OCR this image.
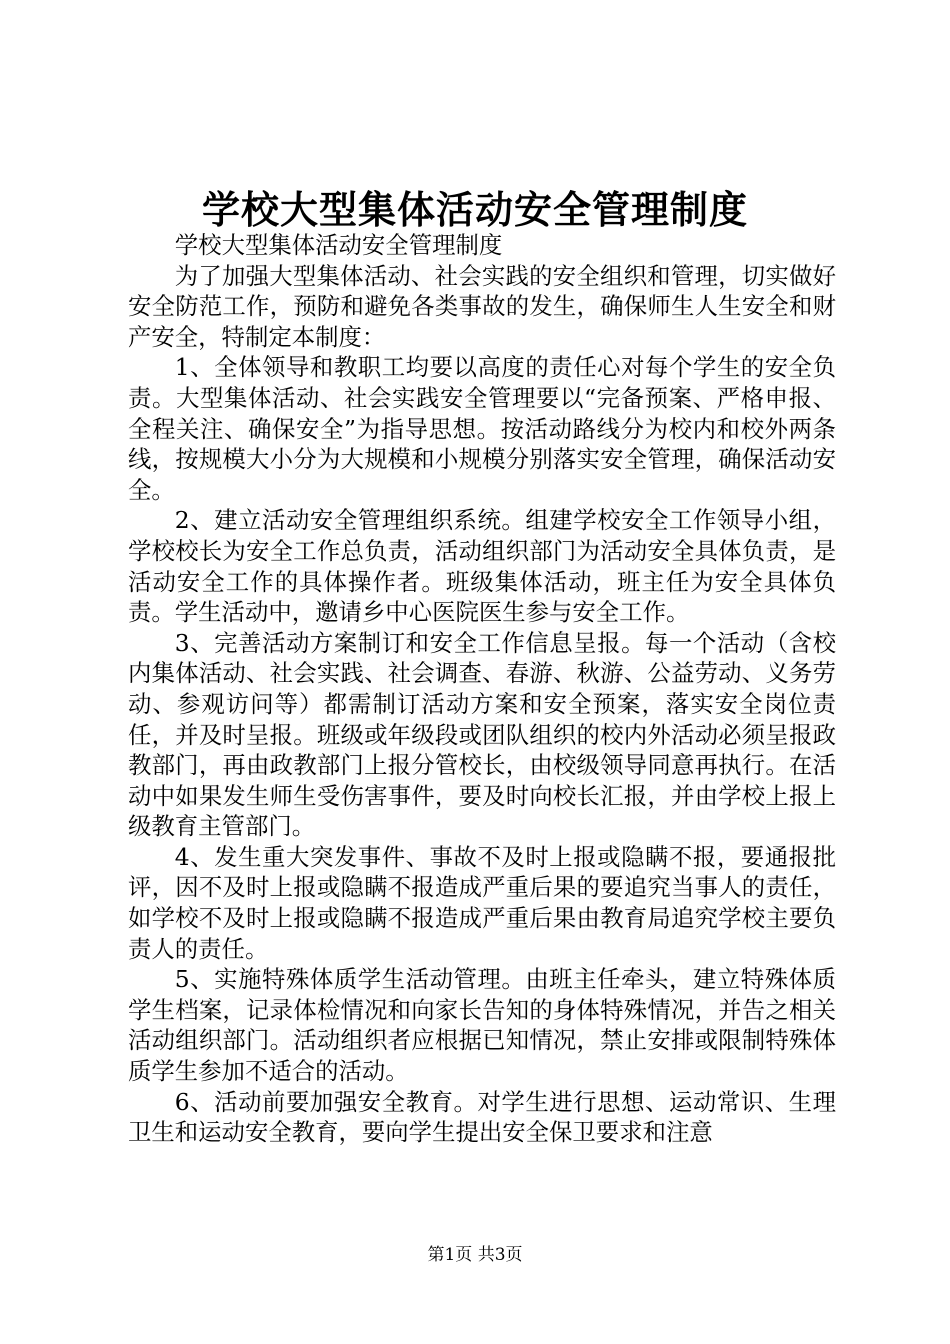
学校大型集体活动安全管理制度

学校大型集体活动安全管理制度

为了加强大型集体活动、社会实践的安全组织和管理，切实做好安全防范工作，预防和避免各类事故的发生，确保师生人生安全和财产安全，特制定本制度：

1、全体领导和教职工均要以高度的责任心对每个学生的安全负责。大型集体活动、社会实践安全管理要以“完备预案、严格申报、全程关注、确保安全”为指导思想。按活动路线分为校内和校外两条线，按规模大小分为大规模和小规模分别落实安全管理，确保活动安全。

2、建立活动安全管理组织系统。组建学校安全工作领导小组，学校校长为安全工作总负责，活动组织部门为活动安全具体负责，是活动安全工作的具体操作者。班级集体活动，班主任为安全具体负责。学生活动中，邀请乡中心医院医生参与安全工作。

3、完善活动方案制订和安全工作信息呈报。每一个活动（含校内集体活动、社会实践、社会调查、春游、秋游、公益劳动、义务劳动、参观访问等）都需制订活动方案和安全预案，落实安全岗位责任，并及时呈报。班级或年级段或团队组织的校内外活动必须呈报政教部门，再由政教部门上报分管校长，由校级领导同意再执行。在活动中如果发生师生受伤害事件，要及时向校长汇报，并由学校上报上级教育主管部门。

4、发生重大突发事件、事故不及时上报或隐瞒不报，要通报批评，因不及时上报或隐瞒不报造成严重后果的要追究当事人的责任，如学校不及时上报或隐瞒不报造成严重后果由教育局追究学校主要负责人的责任。

5、实施特殊体质学生活动管理。由班主任牵头，建立特殊体质学生档案，记录体检情况和向家长告知的身体特殊情况，并告之相关活动组织部门。活动组织者应根据已知情况，禁止安排或限制特殊体质学生参加不适合的活动。

6、活动前要加强安全教育。对学生进行思想、运动常识、生理卫生和运动安全教育，要向学生提出安全保卫要求和注意

第1页 共3页
